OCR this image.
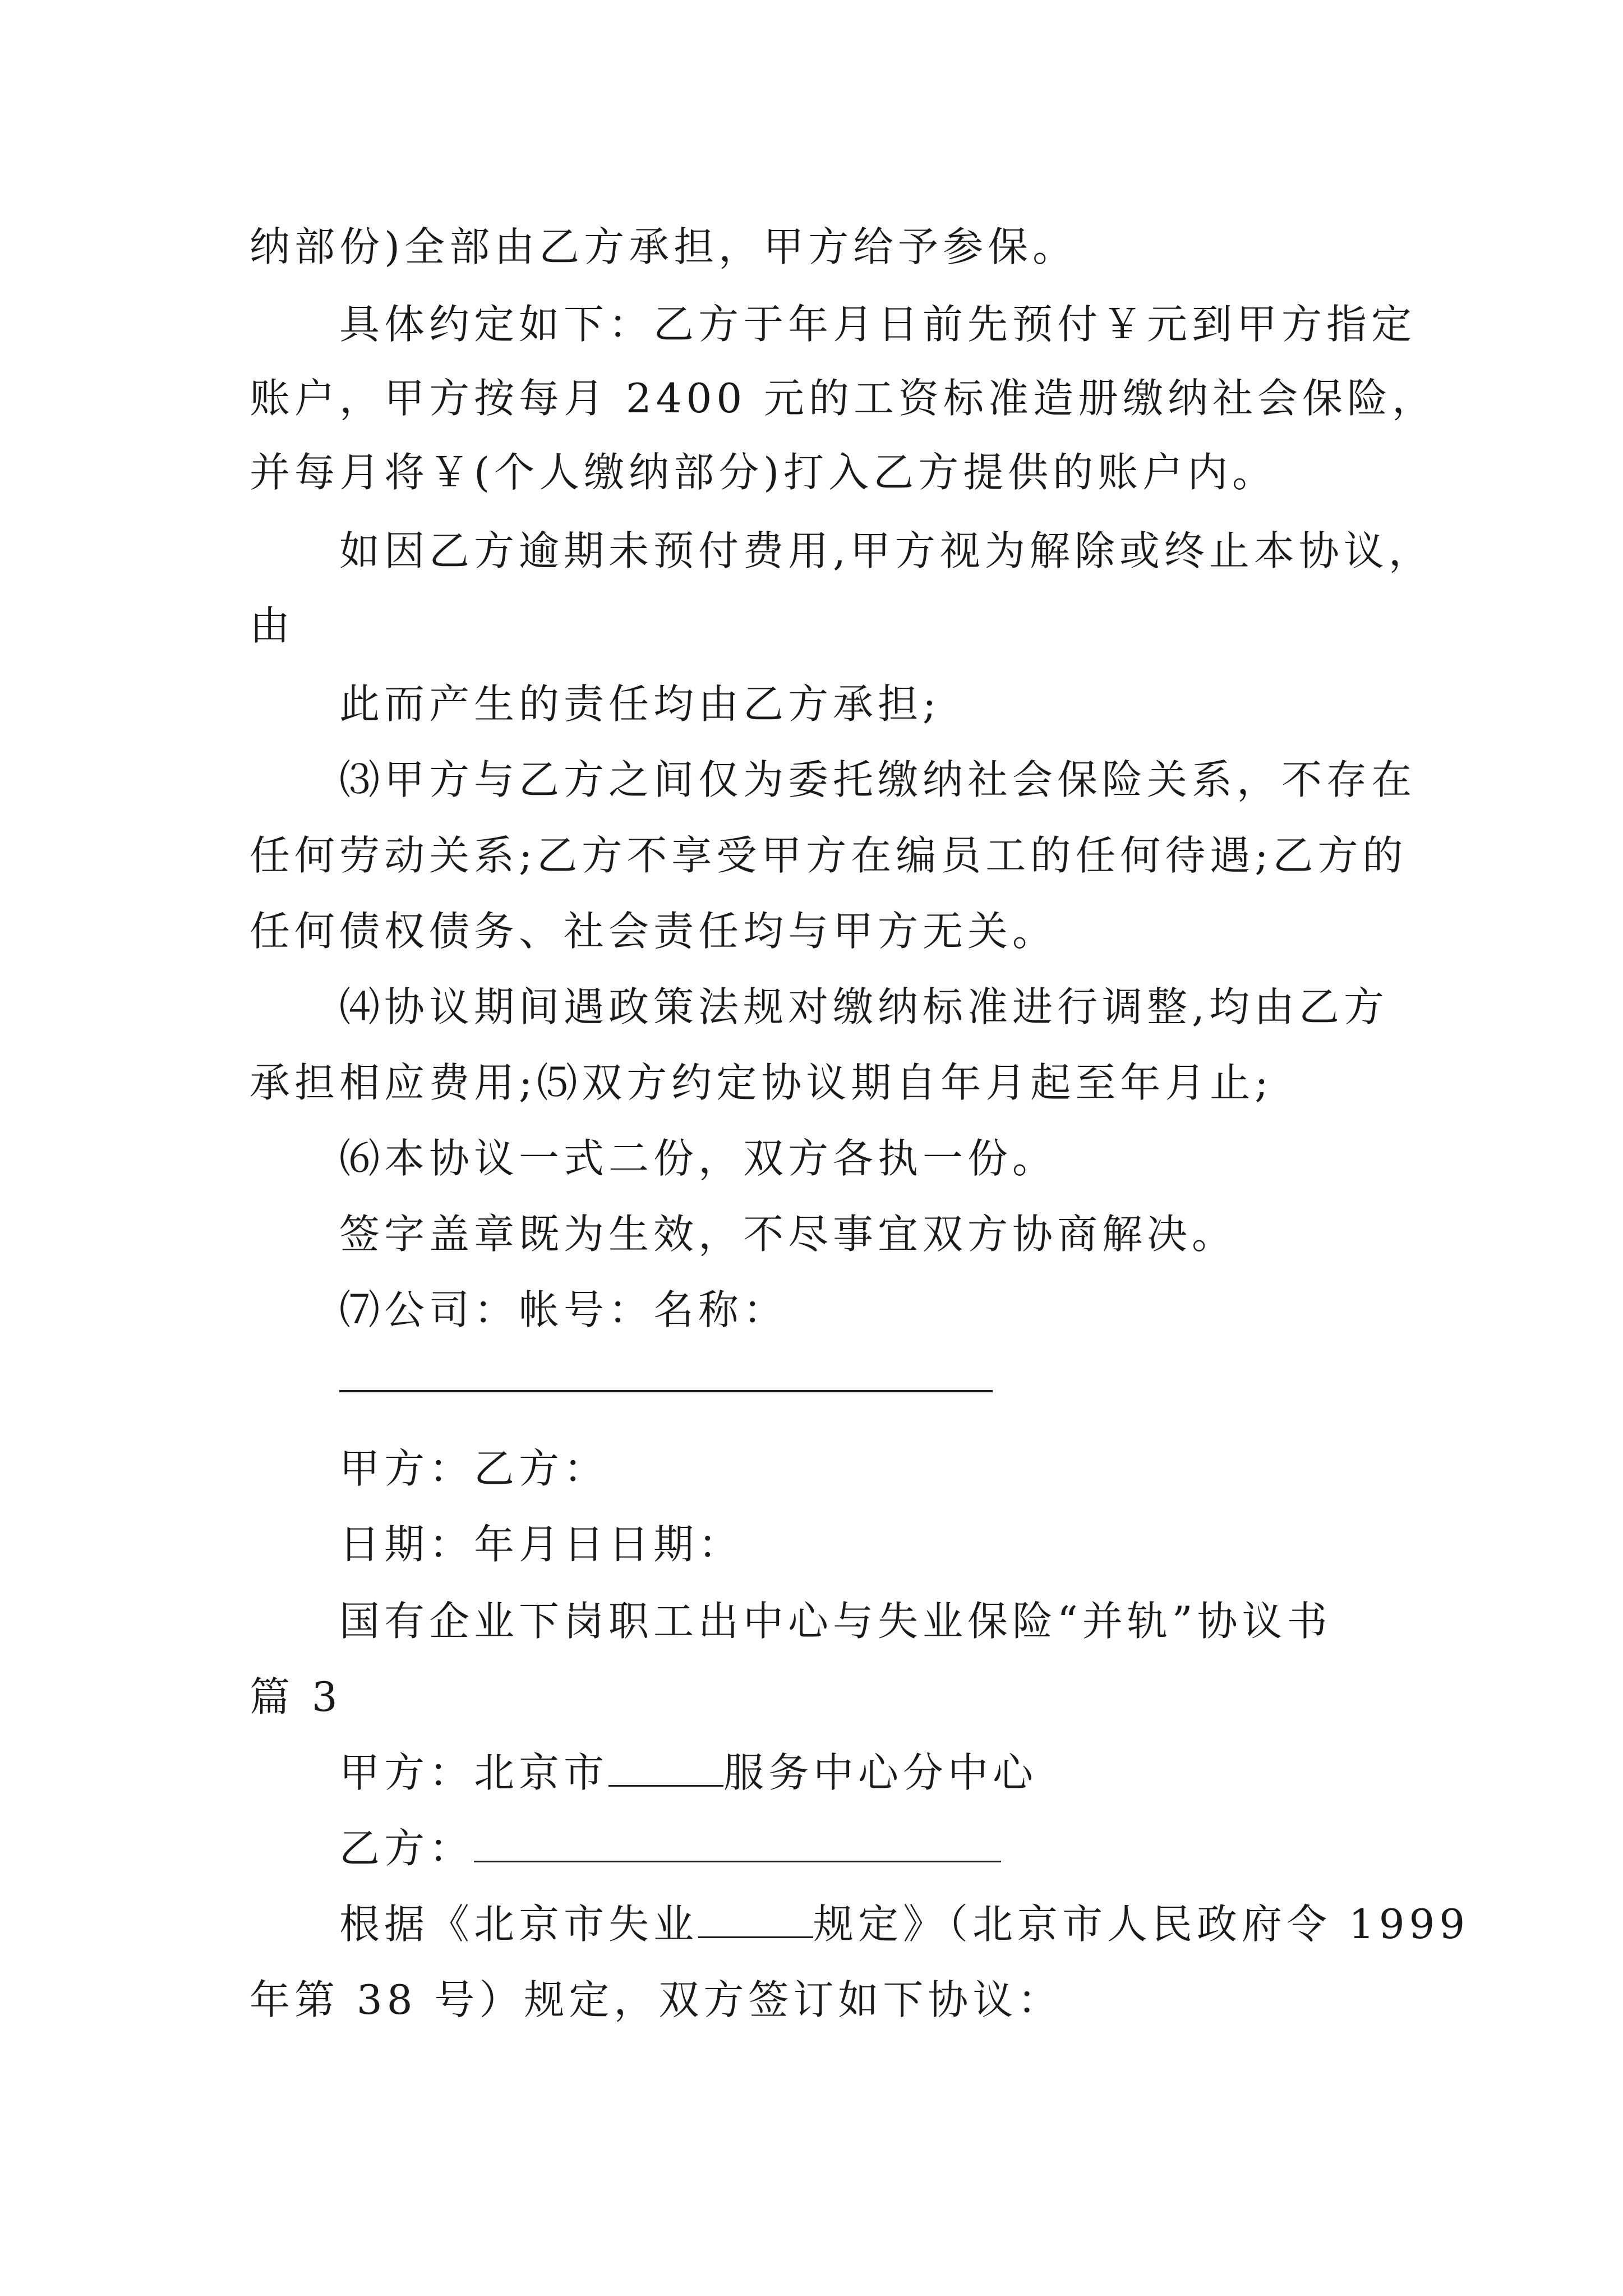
纳部份)全部由乙方承担，甲方给予参保。
具体约定如下：乙方于年月日前先预付￥元到甲方指定
账户，甲方按每月 2400 元的工资标准造册缴纳社会保险，
并每月将￥(个人缴纳部分)打入乙方提供的账户内。
如因乙方逾期未预付费用,甲方视为解除或终止本协议，
由
此而产生的责任均由乙方承担;
⑶甲方与乙方之间仅为委托缴纳社会保险关系，不存在
任何劳动关系;乙方不享受甲方在编员工的任何待遇;乙方的
任何债权债务、社会责任均与甲方无关。
⑷协议期间遇政策法规对缴纳标准进行调整,均由乙方
承担相应费用;⑸双方约定协议期自年月起至年月止;
⑹本协议一式二份，双方各执一份。
签字盖章既为生效，不尽事宜双方协商解决。
⑺公司：帐号：名称：
甲方：乙方：
日期：年月日日期：
国有企业下岗职工出中心与失业保险“并轨”协议书
篇 3
甲方：北京市	服务中心分中心
乙方：
根据《北京市失业	规定》（北京市人民政府令 1999
年第 38 号）规定，双方签订如下协议：
